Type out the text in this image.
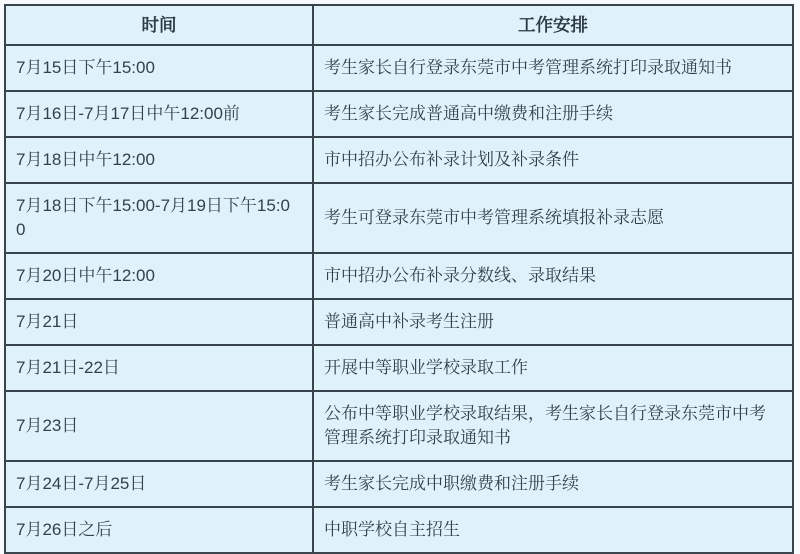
时间	工作安排
7月15日下午15:00	考生家长自行登录东莞市中考管理系统打印录取通知书
7月16日-7月17日中午12:00前	考生家长完成普通高中缴费和注册手续
7月18日中午12:00	市中招办公布补录计划及补录条件
7月18日下午15:00-7月19日下午15:00	考生可登录东莞市中考管理系统填报补录志愿
7月20日中午12:00	市中招办公布补录分数线、录取结果
7月21日	普通高中补录考生注册
7月21日-22日	开展中等职业学校录取工作
7月23日	公布中等职业学校录取结果，考生家长自行登录东莞市中考管理系统打印录取通知书
7月24日-7月25日	考生家长完成中职缴费和注册手续
7月26日之后	中职学校自主招生
